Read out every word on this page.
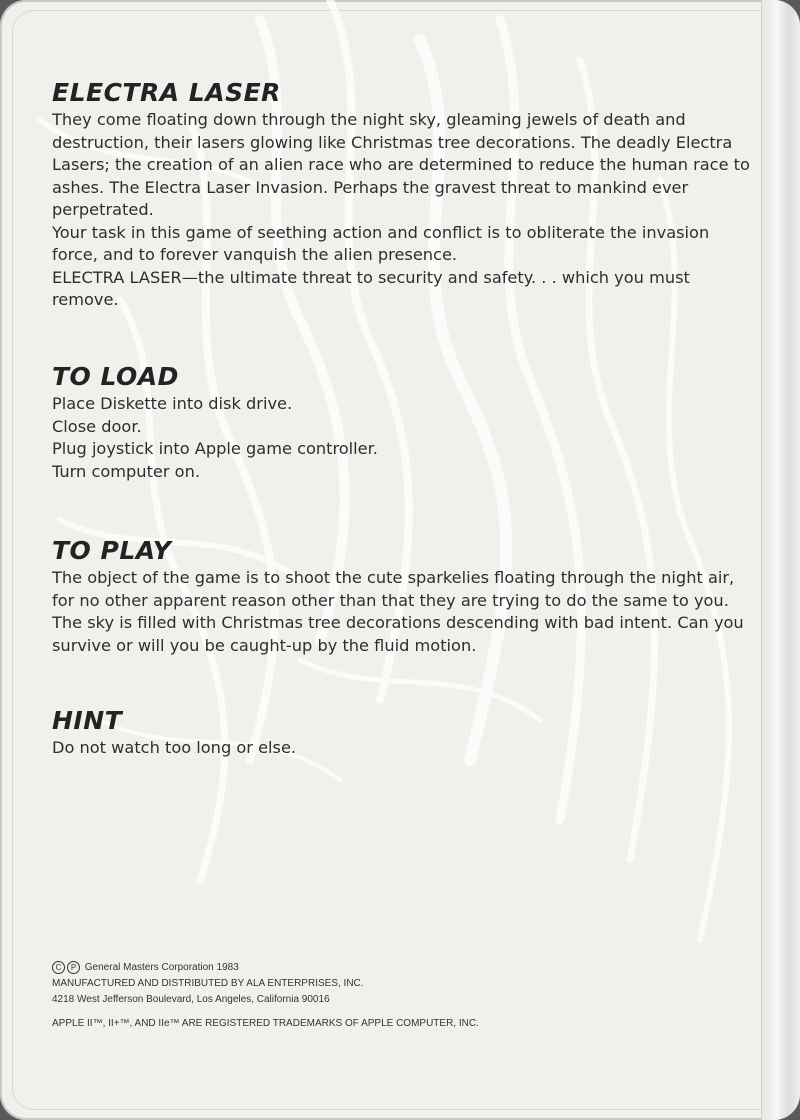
ELECTRA LASER

They come floating down through the night sky, gleaming jewels of death and destruction, their lasers glowing like Christmas tree decorations. The deadly Electra Lasers; the creation of an alien race who are determined to reduce the human race to ashes. The Electra Laser Invasion. Perhaps the gravest threat to mankind ever perpetrated.

Your task in this game of seething action and conflict is to obliterate the invasion force, and to forever vanquish the alien presence.

ELECTRA LASER—the ultimate threat to security and safety. . . which you must remove.

TO LOAD

Place Diskette into disk drive.
Close door.
Plug joystick into Apple game controller.
Turn computer on.

TO PLAY

The object of the game is to shoot the cute sparkelies floating through the night air, for no other apparent reason other than that they are trying to do the same to you. The sky is filled with Christmas tree decorations descending with bad intent. Can you survive or will you be caught-up by the fluid motion.

HINT

Do not watch too long or else.

C P General Masters Corporation 1983
MANUFACTURED AND DISTRIBUTED BY ALA ENTERPRISES, INC.
4218 West Jefferson Boulevard, Los Angeles, California 90016
APPLE II™, II+™, AND IIe™ ARE REGISTERED TRADEMARKS OF APPLE COMPUTER, INC.
